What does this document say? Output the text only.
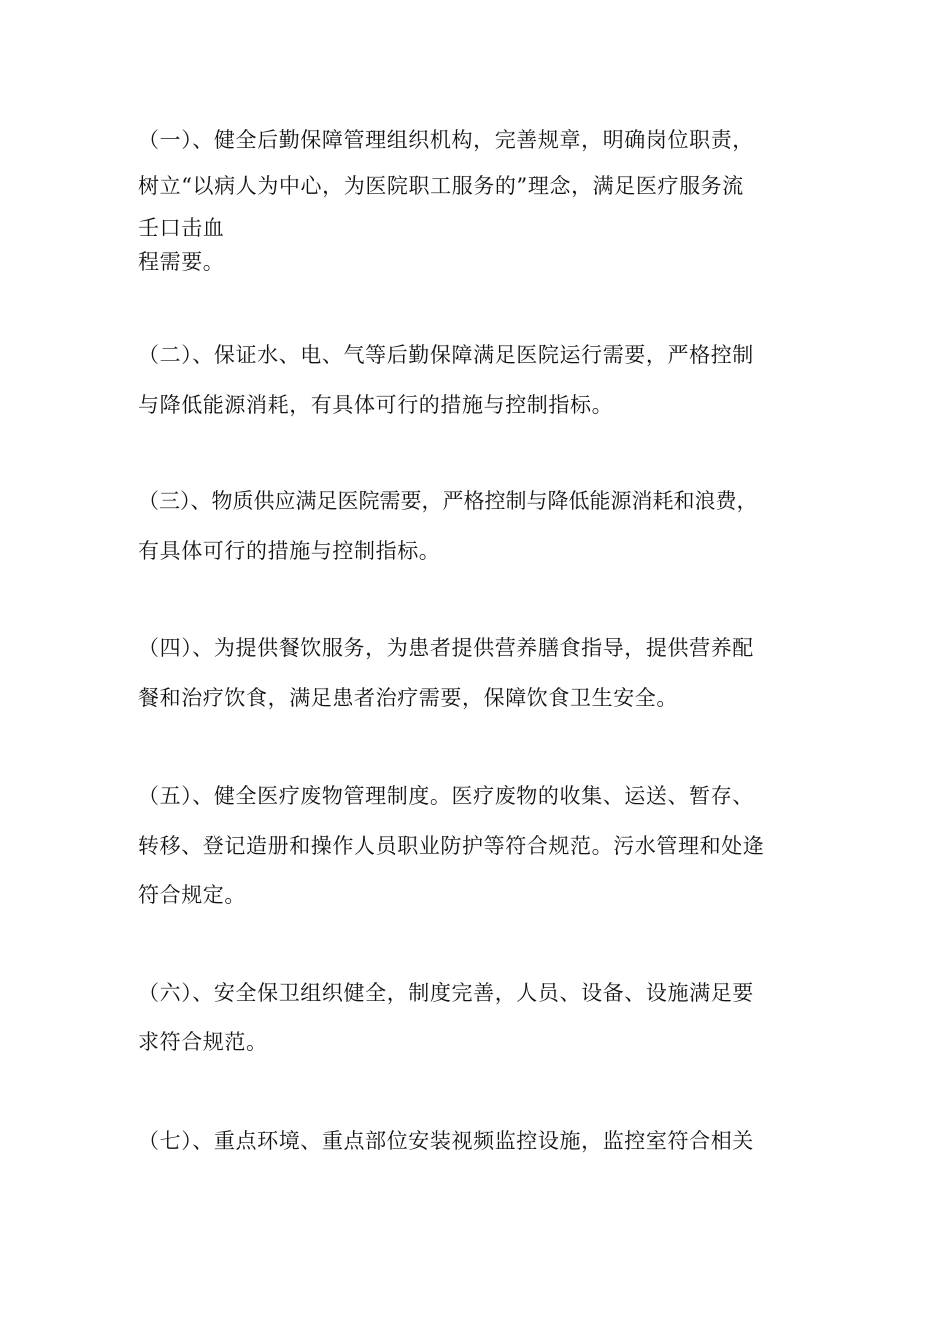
（一）、健全后勤保障管理组织机构，完善规章，明确岗位职责，
树立“以病人为中心，为医院职工服务的”理念，满足医疗服务流
壬口击血
程需要。
（二）、保证水、电、气等后勤保障满足医院运行需要，严格控制
与降低能源消耗，有具体可行的措施与控制指标。
（三）、物质供应满足医院需要，严格控制与降低能源消耗和浪费，
有具体可行的措施与控制指标。
（四）、为提供餐饮服务，为患者提供营养膳食指导，提供营养配
餐和治疗饮食，满足患者治疗需要，保障饮食卫生安全。
（五）、健全医疗废物管理制度。医疗废物的收集、运送、暂存、
转移、登记造册和操作人员职业防护等符合规范。污水管理和处逄
符合规定。
（六）、安全保卫组织健全，制度完善，人员、设备、设施满足要
求符合规范。
（七）、重点环境、重点部位安装视频监控设施，监控室符合相关
